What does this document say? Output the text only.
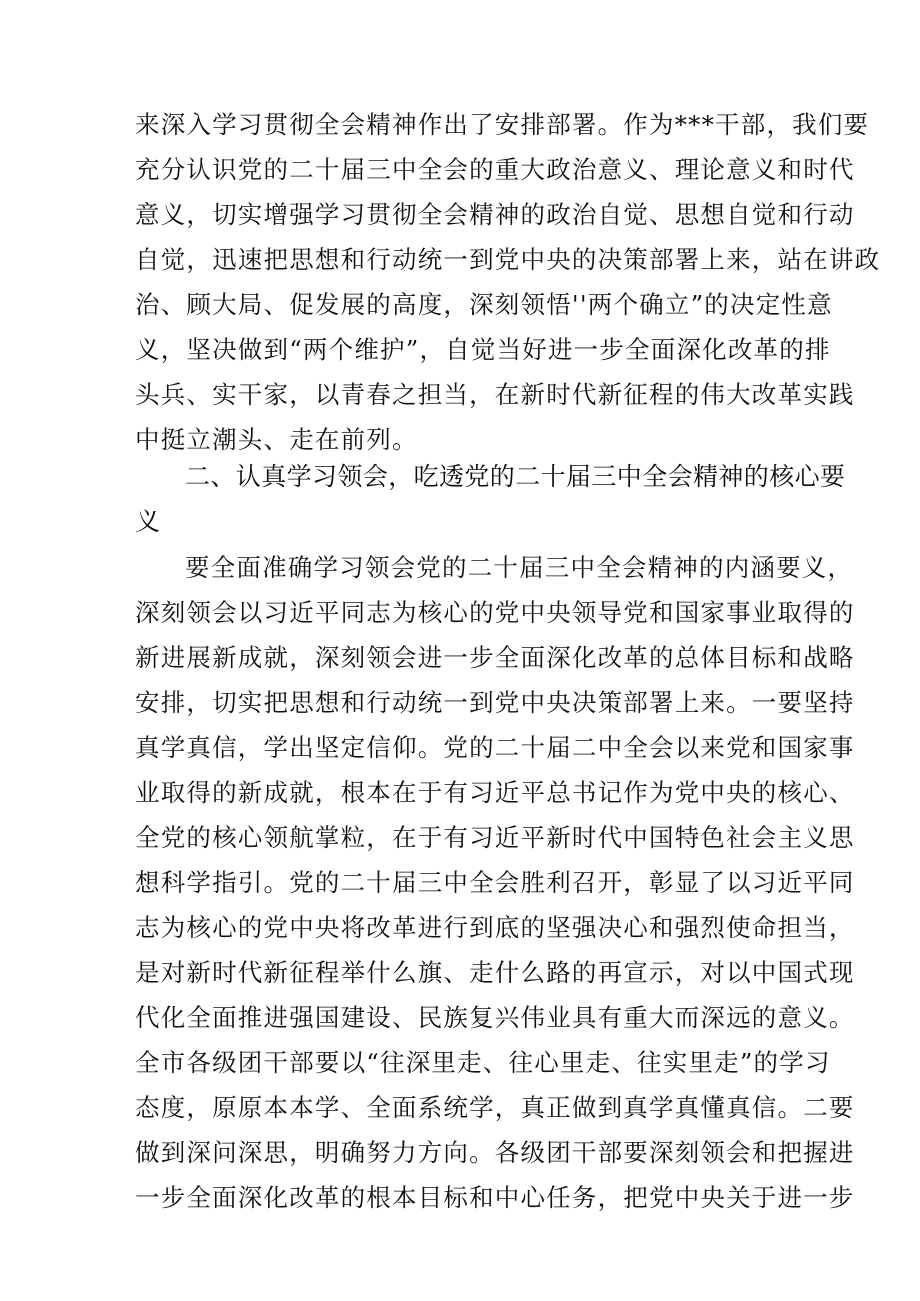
来深入学习贯彻全会精神作出了安排部署。作为***干部，我们要
充分认识党的二十届三中全会的重大政治意义、理论意义和时代
意义，切实增强学习贯彻全会精神的政治自觉、思想自觉和行动
自觉，迅速把思想和行动统一到党中央的决策部署上来，站在讲政
治、顾大局、促发展的高度，深刻领悟''两个确立”的决定性意
义，坚决做到“两个维护”，自觉当好进一步全面深化改革的排
头兵、实干家，以青春之担当，在新时代新征程的伟大改革实践
中挺立潮头、走在前列。
二、认真学习领会，吃透党的二十届三中全会精神的核心要
义
要全面准确学习领会党的二十届三中全会精神的内涵要义，
深刻领会以习近平同志为核心的党中央领导党和国家事业取得的
新进展新成就，深刻领会进一步全面深化改革的总体目标和战略
安排，切实把思想和行动统一到党中央决策部署上来。一要坚持
真学真信，学出坚定信仰。党的二十届二中全会以来党和国家事
业取得的新成就，根本在于有习近平总书记作为党中央的核心、
全党的核心领航掌粒，在于有习近平新时代中国特色社会主义思
想科学指引。党的二十届三中全会胜利召开，彰显了以习近平同
志为核心的党中央将改革进行到底的坚强决心和强烈使命担当，
是对新时代新征程举什么旗、走什么路的再宣示，对以中国式现
代化全面推进强国建设、民族复兴伟业具有重大而深远的意义。
全市各级团干部要以“往深里走、往心里走、往实里走”的学习
态度，原原本本学、全面系统学，真正做到真学真懂真信。二要
做到深问深思，明确努力方向。各级团干部要深刻领会和把握进
一步全面深化改革的根本目标和中心任务，把党中央关于进一步
